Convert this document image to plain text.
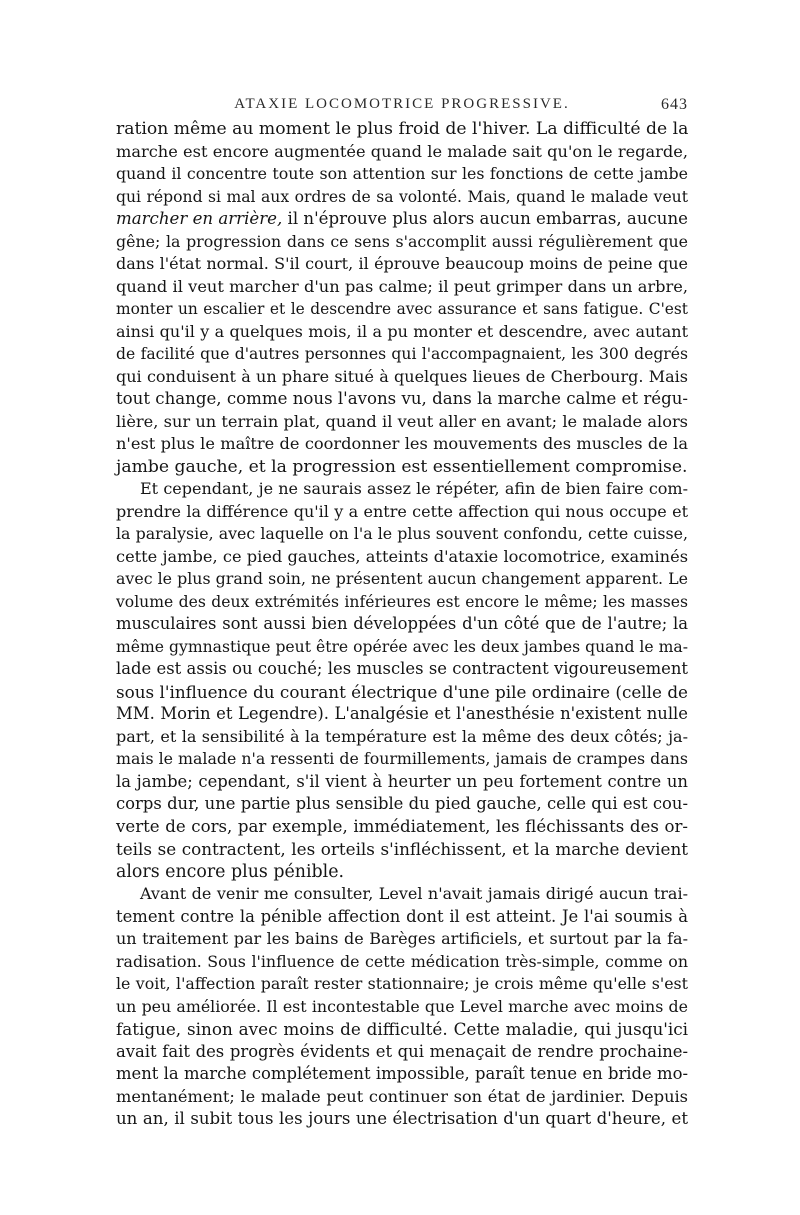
ATAXIE LOCOMOTRICE PROGRESSIVE.	643
ration même au moment le plus froid de l'hiver. La difficulté de la
marche est encore augmentée quand le malade sait qu'on le regarde,
quand il concentre toute son attention sur les fonctions de cette jambe
qui répond si mal aux ordres de sa volonté. Mais, quand le malade veut
marcher en arrière, il n'éprouve plus alors aucun embarras, aucune
gêne; la progression dans ce sens s'accomplit aussi régulièrement que
dans l'état normal. S'il court, il éprouve beaucoup moins de peine que
quand il veut marcher d'un pas calme; il peut grimper dans un arbre,
monter un escalier et le descendre avec assurance et sans fatigue. C'est
ainsi qu'il y a quelques mois, il a pu monter et descendre, avec autant
de facilité que d'autres personnes qui l'accompagnaient, les 300 degrés
qui conduisent à un phare situé à quelques lieues de Cherbourg. Mais
tout change, comme nous l'avons vu, dans la marche calme et régu-
lière, sur un terrain plat, quand il veut aller en avant; le malade alors
n'est plus le maître de coordonner les mouvements des muscles de la
jambe gauche, et la progression est essentiellement compromise.
Et cependant, je ne saurais assez le répéter, afin de bien faire com-
prendre la différence qu'il y a entre cette affection qui nous occupe et
la paralysie, avec laquelle on l'a le plus souvent confondu, cette cuisse,
cette jambe, ce pied gauches, atteints d'ataxie locomotrice, examinés
avec le plus grand soin, ne présentent aucun changement apparent. Le
volume des deux extrémités inférieures est encore le même; les masses
musculaires sont aussi bien développées d'un côté que de l'autre; la
même gymnastique peut être opérée avec les deux jambes quand le ma-
lade est assis ou couché; les muscles se contractent vigoureusement
sous l'influence du courant électrique d'une pile ordinaire (celle de
MM. Morin et Legendre). L'analgésie et l'anesthésie n'existent nulle
part, et la sensibilité à la température est la même des deux côtés; ja-
mais le malade n'a ressenti de fourmillements, jamais de crampes dans
la jambe; cependant, s'il vient à heurter un peu fortement contre un
corps dur, une partie plus sensible du pied gauche, celle qui est cou-
verte de cors, par exemple, immédiatement, les fléchissants des or-
teils se contractent, les orteils s'infléchissent, et la marche devient
alors encore plus pénible.
Avant de venir me consulter, Level n'avait jamais dirigé aucun trai-
tement contre la pénible affection dont il est atteint. Je l'ai soumis à
un traitement par les bains de Barèges artificiels, et surtout par la fa-
radisation. Sous l'influence de cette médication très-simple, comme on
le voit, l'affection paraît rester stationnaire; je crois même qu'elle s'est
un peu améliorée. Il est incontestable que Level marche avec moins de
fatigue, sinon avec moins de difficulté. Cette maladie, qui jusqu'ici
avait fait des progrès évidents et qui menaçait de rendre prochaine-
ment la marche complétement impossible, paraît tenue en bride mo-
mentanément; le malade peut continuer son état de jardinier. Depuis
un an, il subit tous les jours une électrisation d'un quart d'heure, et
